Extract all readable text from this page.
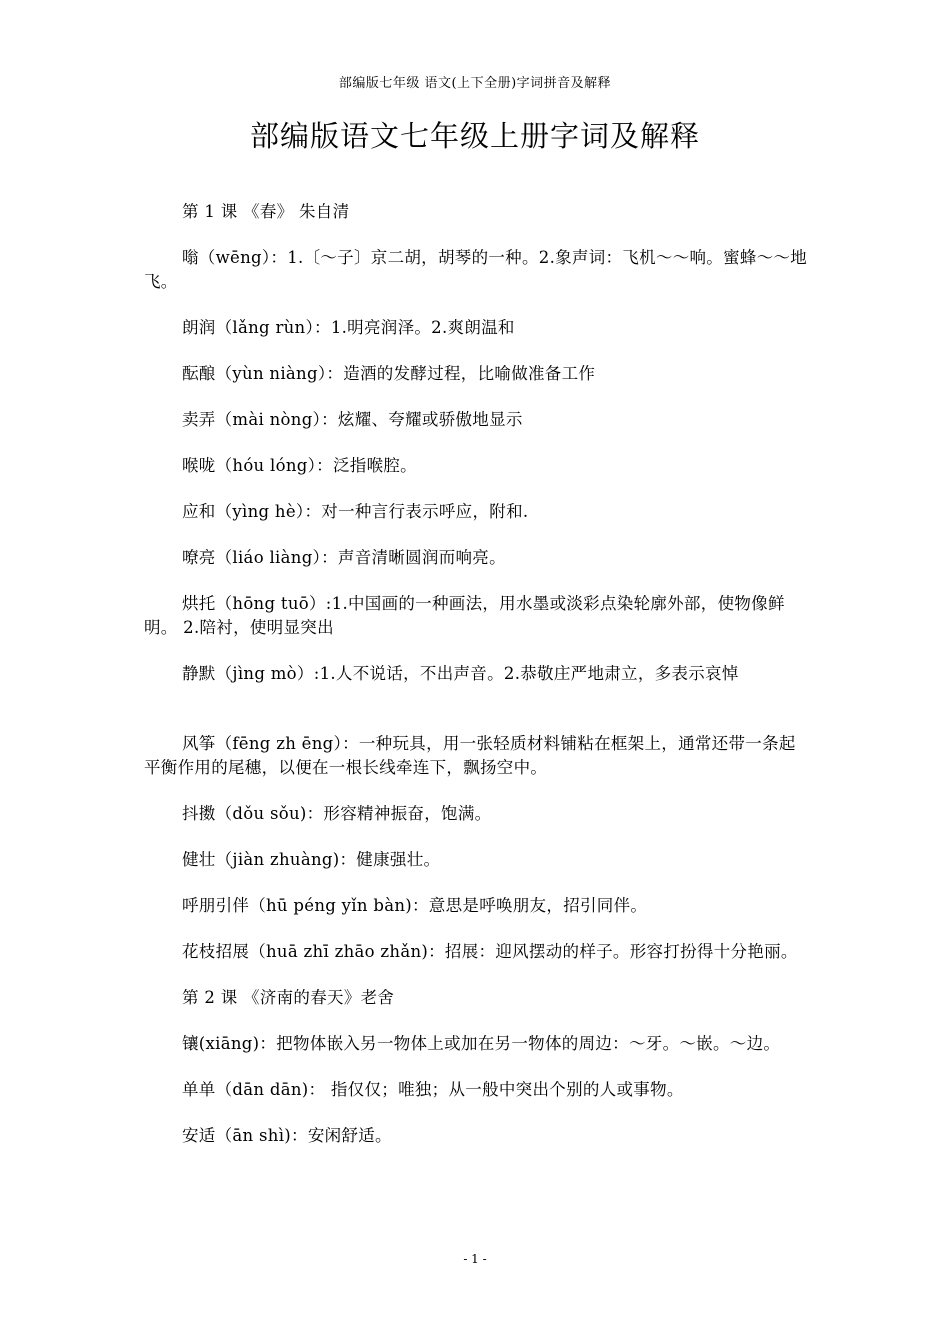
部编版七年级 语文(上下全册)字词拼音及解释
部编版语文七年级上册字词及解释

第 1 课 《春》 朱自清

嗡（wēng）：1.〔～子〕京二胡，胡琴的一种。2.象声词：飞机～～响。蜜蜂～～地飞。

朗润（lǎng rùn）：1.明亮润泽。2.爽朗温和

酝酿（yùn niàng）：造酒的发酵过程，比喻做准备工作

卖弄（mài nòng）：炫耀、夸耀或骄傲地显示

喉咙（hóu lóng）：泛指喉腔。

应和（yìng hè）：对一种言行表示呼应，附和.

嘹亮（liáo liàng）：声音清晰圆润而响亮。

烘托（hōng tuō）:1.中国画的一种画法，用水墨或淡彩点染轮廓外部，使物像鲜明。 2.陪衬，使明显突出

静默（jìng mò）:1.人不说话，不出声音。2.恭敬庄严地肃立，多表示哀悼

风筝（fēng zh ēng）：一种玩具，用一张轻质材料铺粘在框架上，通常还带一条起平衡作用的尾穗，以便在一根长线牵连下，飘扬空中。

抖擞（dǒu sǒu)：形容精神振奋，饱满。

健壮（jiàn zhuàng)：健康强壮。

呼朋引伴（hū péng yǐn bàn)：意思是呼唤朋友，招引同伴。

花枝招展（huā zhī zhāo zhǎn)：招展：迎风摆动的样子。形容打扮得十分艳丽。

第 2 课 《济南的春天》老舍

镶(xiāng)：把物体嵌入另一物体上或加在另一物体的周边：～牙。～嵌。～边。

单单（dān dān)： 指仅仅；唯独；从一般中突出个别的人或事物。

安适（ān shì)：安闲舒适。

- 1 -
